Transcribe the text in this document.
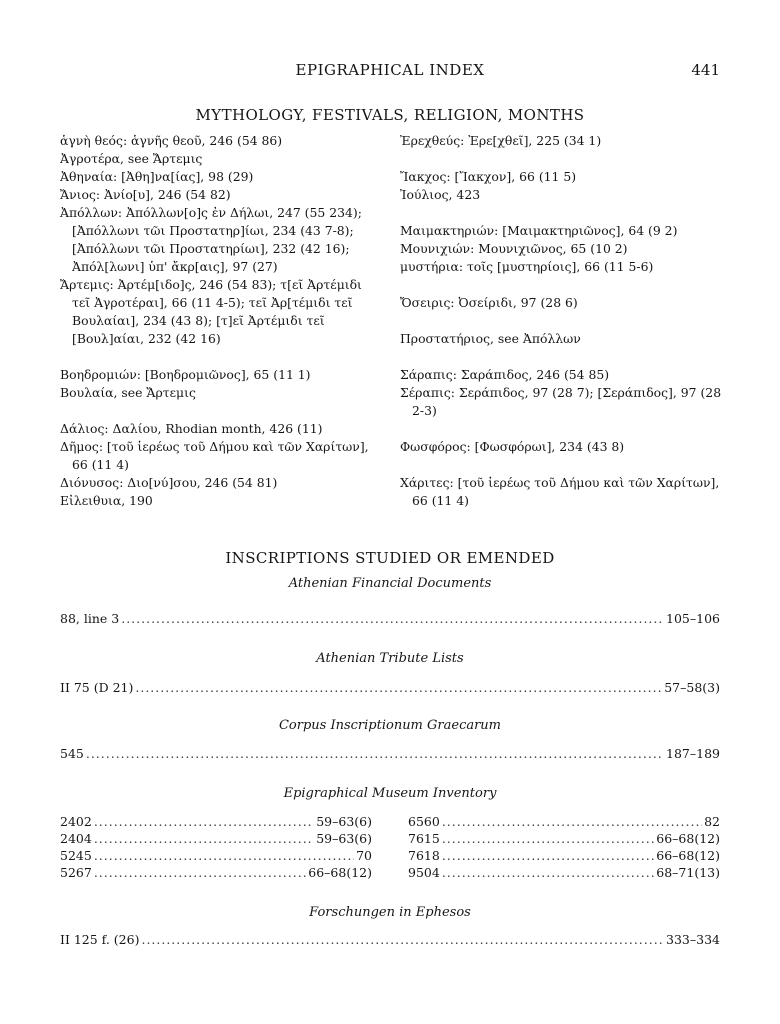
EPIGRAPHICAL INDEX	441
MYTHOLOGY, FESTIVALS, RELIGION, MONTHS
ἁγνὴ θεός: ἁγνῆς θεοῦ, 246 (54 86)
Ἀγροτέρα, see Ἄρτεμις
Ἀθηναία: [Ἀθη]να[ίας], 98 (29)
Ἄνιος: Ἀνίο[υ], 246 (54 82)
Ἀπόλλων: Ἀπόλλων[ο]ς ἐν Δήλωι, 247 (55 234); [Ἀπόλλωνι τῶι Προστατηρ]ίωι, 234 (43 7-8); [Ἀπόλλωνι τῶι Προστατηρίωι], 232 (42 16); Ἀπόλ[λωνι] ὑπ' ἄκρ[αις], 97 (27)
Ἄρτεμις: Ἀρτέμ[ιδο]ς, 246 (54 83); τ[εῖ Ἀρτέμιδι τεῖ Ἀγροτέραι], 66 (11 4-5); τεῖ Ἀρ[τέμιδι τεῖ Βουλαίαι], 234 (43 8); [τ]εῖ Ἀρτέμιδι τεῖ [Βουλ]αίαι, 232 (42 16)
Βοηδρομιών: [Βοηδρομιῶνος], 65 (11 1)
Βουλαία, see Ἄρτεμις
Δάλιος: Δαλίου, Rhodian month, 426 (11)
Δῆμος: [τοῦ ἱερέως τοῦ Δήμου καὶ τῶν Χαρίτων], 66 (11 4)
Διόνυσος: Διο[νύ]σου, 246 (54 81)
Εἰλειθυια, 190
Ἐρεχθεύς: Ἐρε[χθεῖ], 225 (34 1)
Ἴακχος: [Ἴακχον], 66 (11 5)
Ἰούλιος, 423
Μαιμακτηριών: [Μαιμακτηριῶνος], 64 (9 2)
Μουνιχιών: Μουνιχιῶνος, 65 (10 2)
μυστήρια: τοῖς [μυστηρίοις], 66 (11 5-6)
Ὄσειρις: Ὀσείριδι, 97 (28 6)
Προστατήριος, see Ἀπόλλων
Σάραπις: Σαράπιδος, 246 (54 85)
Σέραπις: Σεράπιδος, 97 (28 7); [Σεράπιδος], 97 (28 2-3)
Φωσφόρος: [Φωσφόρωι], 234 (43 8)
Χάριτες: [τοῦ ἱερέως τοῦ Δήμου καὶ τῶν Χαρίτων], 66 (11 4)
INSCRIPTIONS STUDIED OR EMENDED
Athenian Financial Documents
88, line 3 .....	105–106
Athenian Tribute Lists
II 75 (D 21) .....	57–58(3)
Corpus Inscriptionum Graecarum
545 .....	187–189
Epigraphical Museum Inventory
2402 .....	59–63(6)
2404 .....	59–63(6)
5245 .....	70
5267 .....	66–68(12)
6560 .....	82
7615 .....	66–68(12)
7618 .....	66–68(12)
9504 .....	68–71(13)
Forschungen in Ephesos
II 125 f. (26) .....	333–334
